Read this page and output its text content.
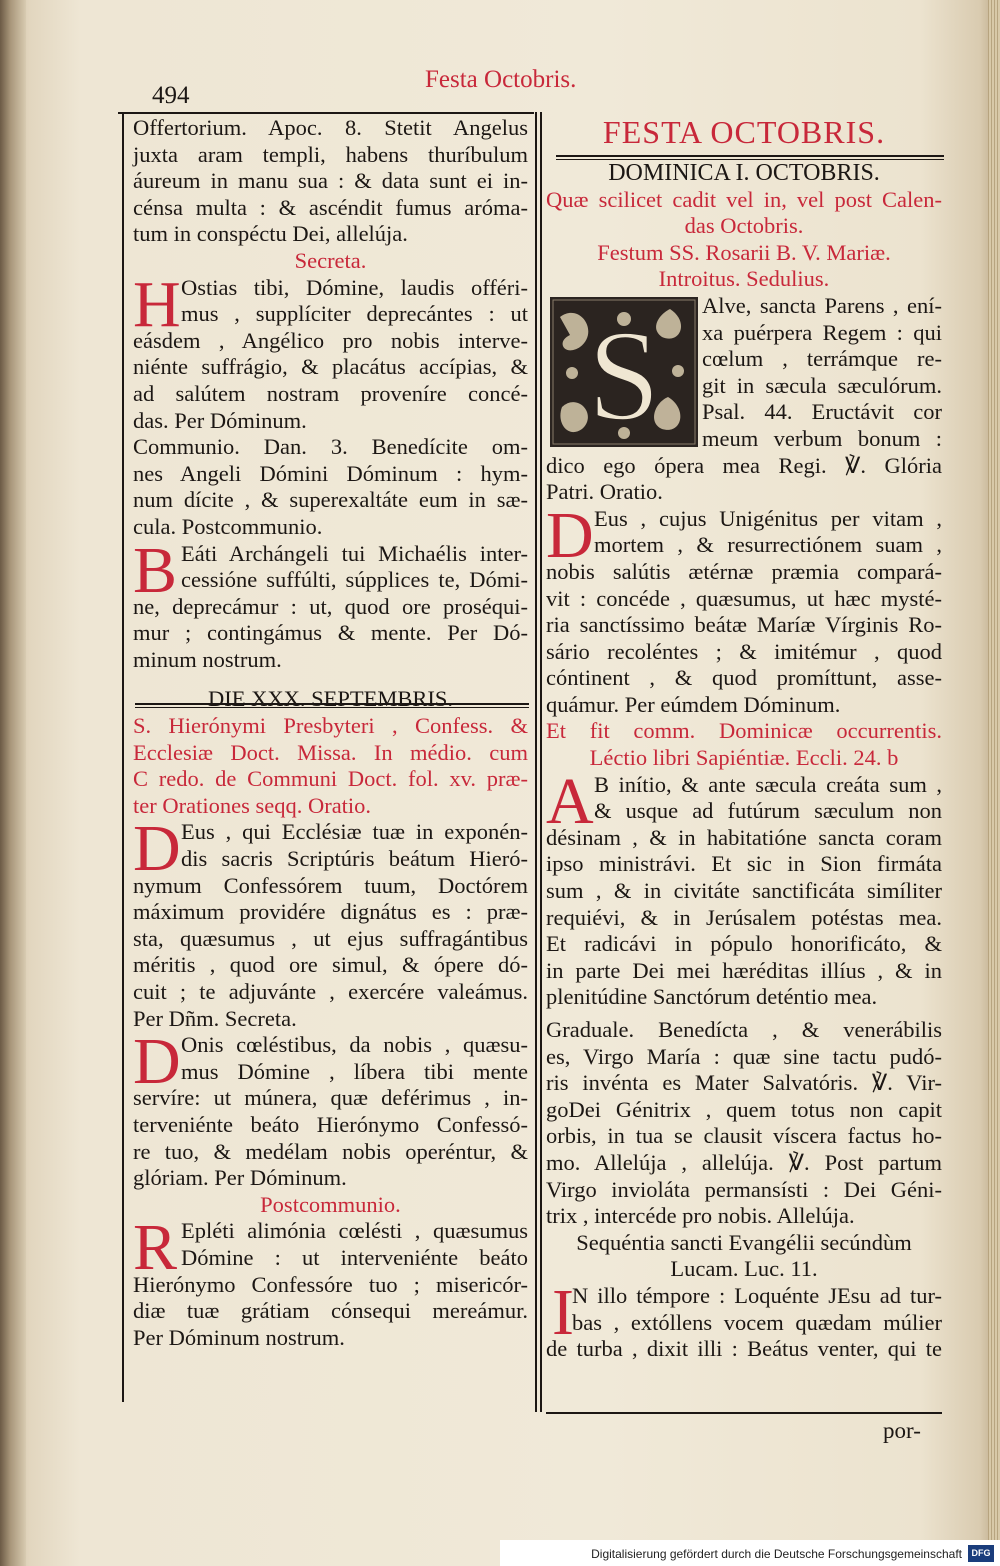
494
Festa Octobris.
Offertorium. Apoc. 8. Stetit Angelus
juxta aram templi, habens thuríbulum
áureum in manu sua : & data sunt ei in-
cénsa multa : & ascéndit fumus aróma-
tum in conspéctu Dei, allelúja.
Secreta.
H Ostias tibi, Dómine, laudis offéri-
mus , supplíciter deprecántes : ut
eásdem , Angélico pro nobis interve-
niénte suffrágio, & placátus accípias, &
ad salútem nostram proveníre concé-
das. Per Dóminum.
Communio. Dan. 3. Benedícite om-
nes Angeli Dómini Dóminum : hym-
num dícite , & superexaltáte eum in sæ-
cula. Postcommunio.
B Eáti Archángeli tui Michaélis inter-
cessióne suffúlti, súpplices te, Dómi-
ne, deprecámur : ut, quod ore proséqui-
mur ; contingámus & mente. Per Dó-
minum nostrum.
DIE XXX. SEPTEMBRIS.
S. Hierónymi Presbyteri , Confess. &
Ecclesiæ Doct. Missa. In médio. cum
C redo. de Communi Doct. fol. xv. præ-
ter Orationes seqq. Oratio.
D Eus , qui Ecclésiæ tuæ in exponén-
dis sacris Scriptúris beátum Hieró-
nymum Confessórem tuum, Doctórem
máximum providére dignátus es : præ-
sta, quæsumus , ut ejus suffragántibus
méritis , quod ore simul, & ópere dó-
cuit ; te adjuvánte , exercére valeámus.
Per Dñm. Secreta.
D Onis cœléstibus, da nobis , quæsu-
mus Dómine , líbera tibi mente
servíre: ut múnera, quæ deférimus , in-
terveniénte beáto Hierónymo Confessó-
re tuo, & medélam nobis operéntur, &
glóriam. Per Dóminum.
Postcommunio.
R Epléti alimónia cœlésti , quæsumus
Dómine : ut interveniénte beáto
Hierónymo Confessóre tuo ; misericór-
diæ tuæ grátiam cónsequi mereámur.
Per Dóminum nostrum.
FESTA OCTOBRIS.
DOMINICA I. OCTOBRIS.
Quæ scilicet cadit vel in, vel post Calen-
das Octobris.
Festum SS. Rosarii B. V. Mariæ.
Introitus. Sedulius.
S	Alve, sancta Parens , ení-
xa puérpera Regem : qui
cœlum , terrámque re-
git in sæcula sæculórum.
Psal. 44. Eructávit cor
meum verbum bonum :
dico ego ópera mea Regi. ℣. Glória
Patri. Oratio.
D Eus , cujus Unigénitus per vitam ,
mortem , & resurrectiónem suam ,
nobis salútis ætérnæ præmia compará-
vit : concéde , quæsumus, ut hæc mysté-
ria sanctíssimo beátæ Maríæ Vírginis Ro-
sário recoléntes ; & imitémur , quod
cóntinent , & quod promíttunt, asse-
quámur. Per eúmdem Dóminum.
Et fit comm. Dominicæ occurrentis.
Léctio libri Sapiéntiæ. Eccli. 24. b
A B inítio, & ante sæcula creáta sum ,
& usque ad futúrum sæculum non
désinam , & in habitatióne sancta coram
ipso ministrávi. Et sic in Sion firmáta
sum , & in civitáte sanctificáta simíliter
requiévi, & in Jerúsalem potéstas mea.
Et radicávi in pópulo honorificáto, &
in parte Dei mei hæréditas illíus , & in
plenitúdine Sanctórum deténtio mea.
Graduale. Benedícta , & venerábilis
es, Virgo María : quæ sine tactu pudó-
ris invénta es Mater Salvatóris. ℣. Vir-
goDei Génitrix , quem totus non capit
orbis, in tua se clausit víscera factus ho-
mo. Allelúja , allelúja. ℣. Post partum
Virgo invioláta permansísti : Dei Géni-
trix , intercéde pro nobis. Allelúja.
Sequéntia sancti Evangélii secúndùm
Lucam. Luc. 11.
I
N illo témpore : Loquénte JEsu ad tur-
bas , extóllens vocem quædam múlier
de turba , dixit illi : Beátus venter, qui te
por-
Digitalisierung gefördert durch die Deutsche Forschungsgemeinschaft	DFG
